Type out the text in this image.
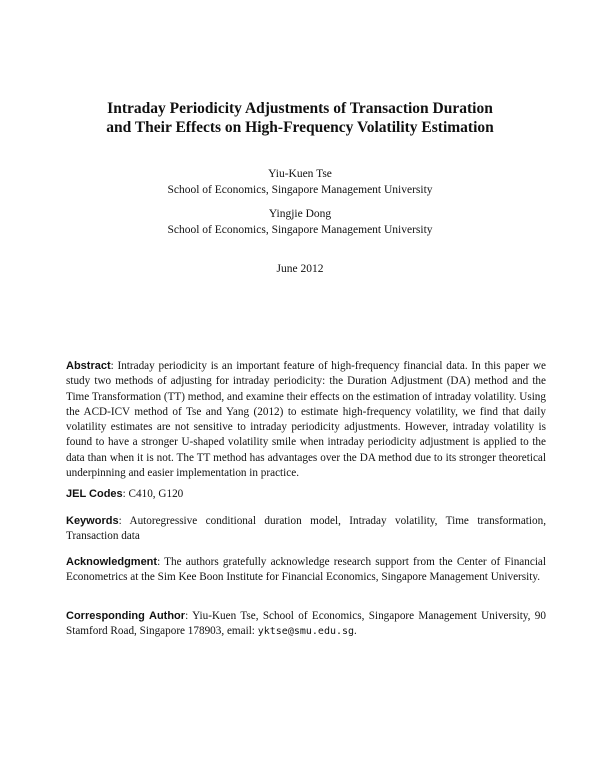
Intraday Periodicity Adjustments of Transaction Duration
and Their Effects on High-Frequency Volatility Estimation
Yiu-Kuen Tse
School of Economics, Singapore Management University
Yingjie Dong
School of Economics, Singapore Management University
June 2012
Abstract: Intraday periodicity is an important feature of high-frequency financial data. In this paper we study two methods of adjusting for intraday periodicity: the Duration Adjustment (DA) method and the Time Transformation (TT) method, and examine their effects on the estimation of intraday volatility. Using the ACD-ICV method of Tse and Yang (2012) to estimate high-frequency volatility, we find that daily volatility estimates are not sensitive to intraday periodicity adjustments. However, intraday volatility is found to have a stronger U-shaped volatility smile when intraday periodicity adjustment is applied to the data than when it is not. The TT method has advantages over the DA method due to its stronger theoretical underpinning and easier implementation in practice.
JEL Codes: C410, G120
Keywords: Autoregressive conditional duration model, Intraday volatility, Time transformation, Transaction data
Acknowledgment: The authors gratefully acknowledge research support from the Center of Financial Econometrics at the Sim Kee Boon Institute for Financial Economics, Singapore Management University.
Corresponding Author: Yiu-Kuen Tse, School of Economics, Singapore Management University, 90 Stamford Road, Singapore 178903, email: yktse@smu.edu.sg.
